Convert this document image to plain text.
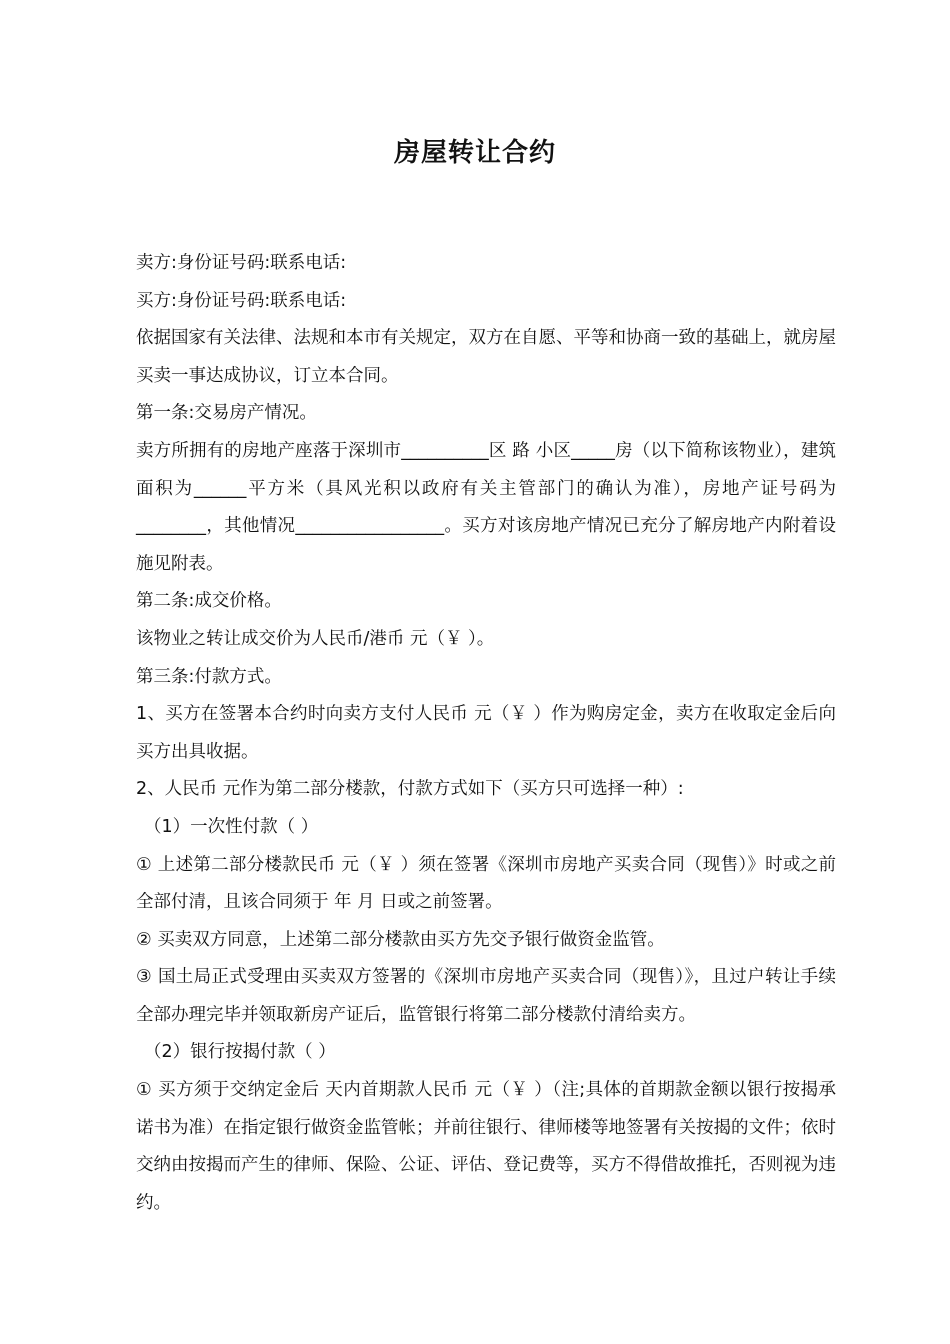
房屋转让合约

卖方:身份证号码:联系电话:

买方:身份证号码:联系电话:

依据国家有关法律、法规和本市有关规定，双方在自愿、平等和协商一致的基础上，就房屋买卖一事达成协议，订立本合同。

第一条:交易房产情况。

卖方所拥有的房地产座落于深圳市__________区 路 小区_____房（以下简称该物业），建筑面积为______平方米（具风光积以政府有关主管部门的确认为准），房地产证号码为________，其他情况_________________。买方对该房地产情况已充分了解房地产内附着设施见附表。

第二条:成交价格。

该物业之转让成交价为人民币/港币 元（￥ ）。

第三条:付款方式。

1、买方在签署本合约时向卖方支付人民币 元（￥ ）作为购房定金，卖方在收取定金后向买方出具收据。

2、人民币 元作为第二部分楼款，付款方式如下（买方只可选择一种）:

（1）一次性付款（ ）

① 上述第二部分楼款民币 元（￥ ）须在签署《深圳市房地产买卖合同（现售）》时或之前全部付清，且该合同须于 年 月 日或之前签署。

② 买卖双方同意，上述第二部分楼款由买方先交予银行做资金监管。

③ 国土局正式受理由买卖双方签署的《深圳市房地产买卖合同（现售）》，且过户转让手续全部办理完毕并领取新房产证后，监管银行将第二部分楼款付清给卖方。

（2）银行按揭付款（ ）

① 买方须于交纳定金后 天内首期款人民币 元（￥ ）（注;具体的首期款金额以银行按揭承诺书为准）在指定银行做资金监管帐；并前往银行、律师楼等地签署有关按揭的文件；依时交纳由按揭而产生的律师、保险、公证、评估、登记费等，买方不得借故推托，否则视为违约。
